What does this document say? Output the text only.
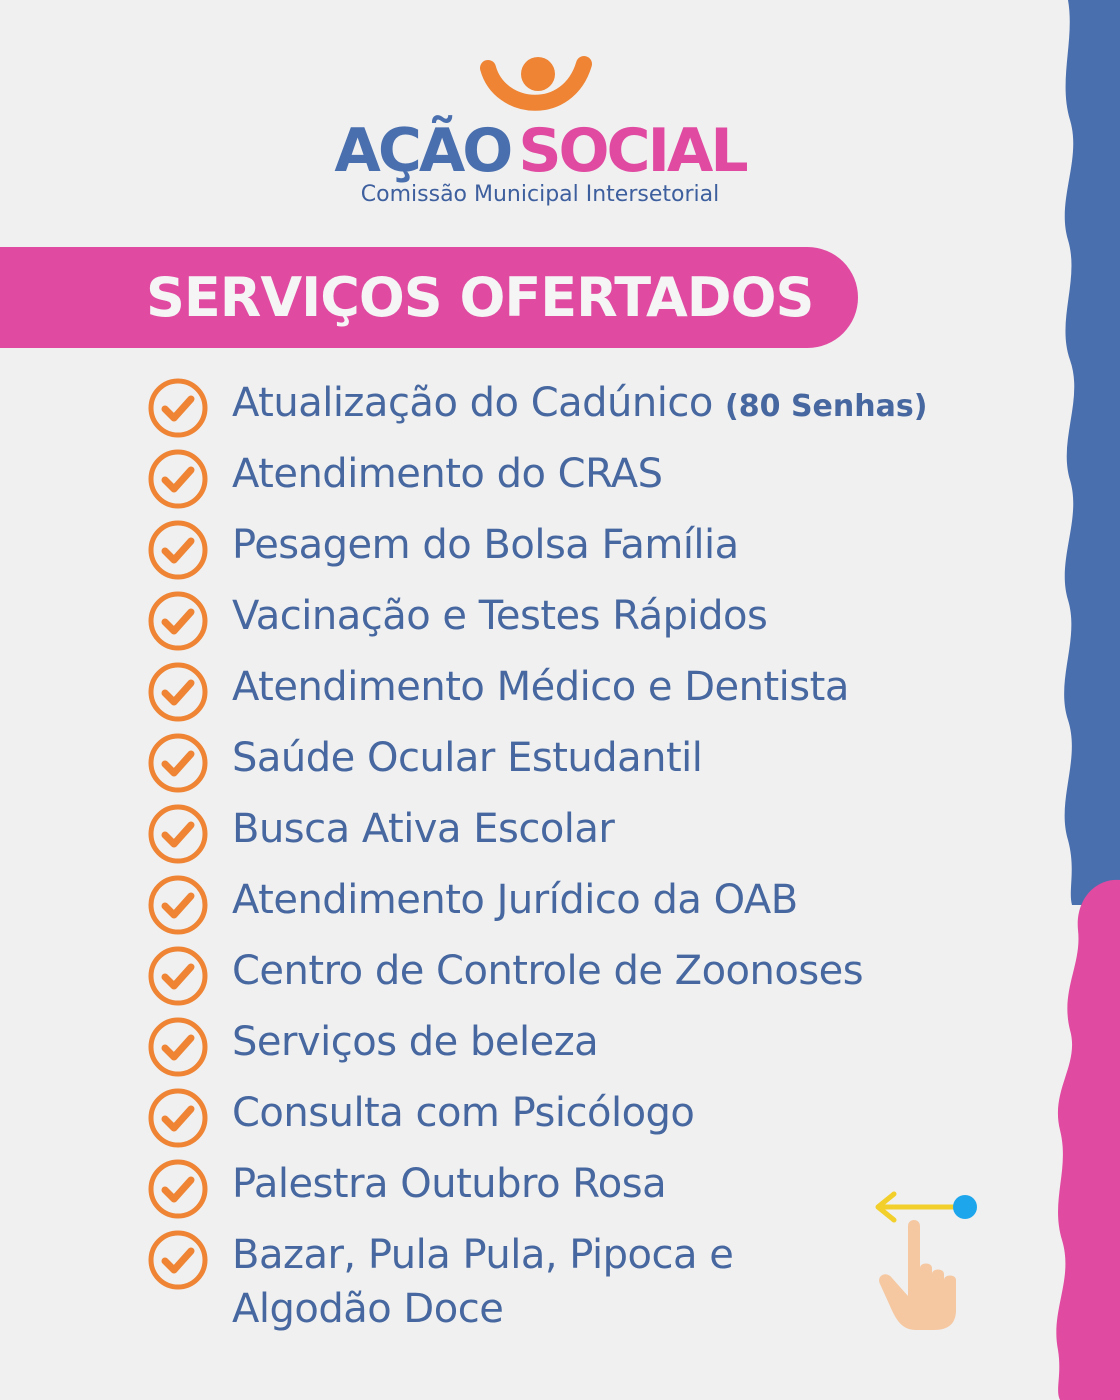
AÇÃO SOCIAL
Comissão Municipal Intersetorial
SERVIÇOS OFERTADOS
Atualização do Cadúnico (80 Senhas)
Atendimento do CRAS
Pesagem do Bolsa Família
Vacinação e Testes Rápidos
Atendimento Médico e Dentista
Saúde Ocular Estudantil
Busca Ativa Escolar
Atendimento Jurídico da OAB
Centro de Controle de Zoonoses
Serviços de beleza
Consulta com Psicólogo
Palestra Outubro Rosa
Bazar, Pula Pula, Pipoca e
Algodão Doce
